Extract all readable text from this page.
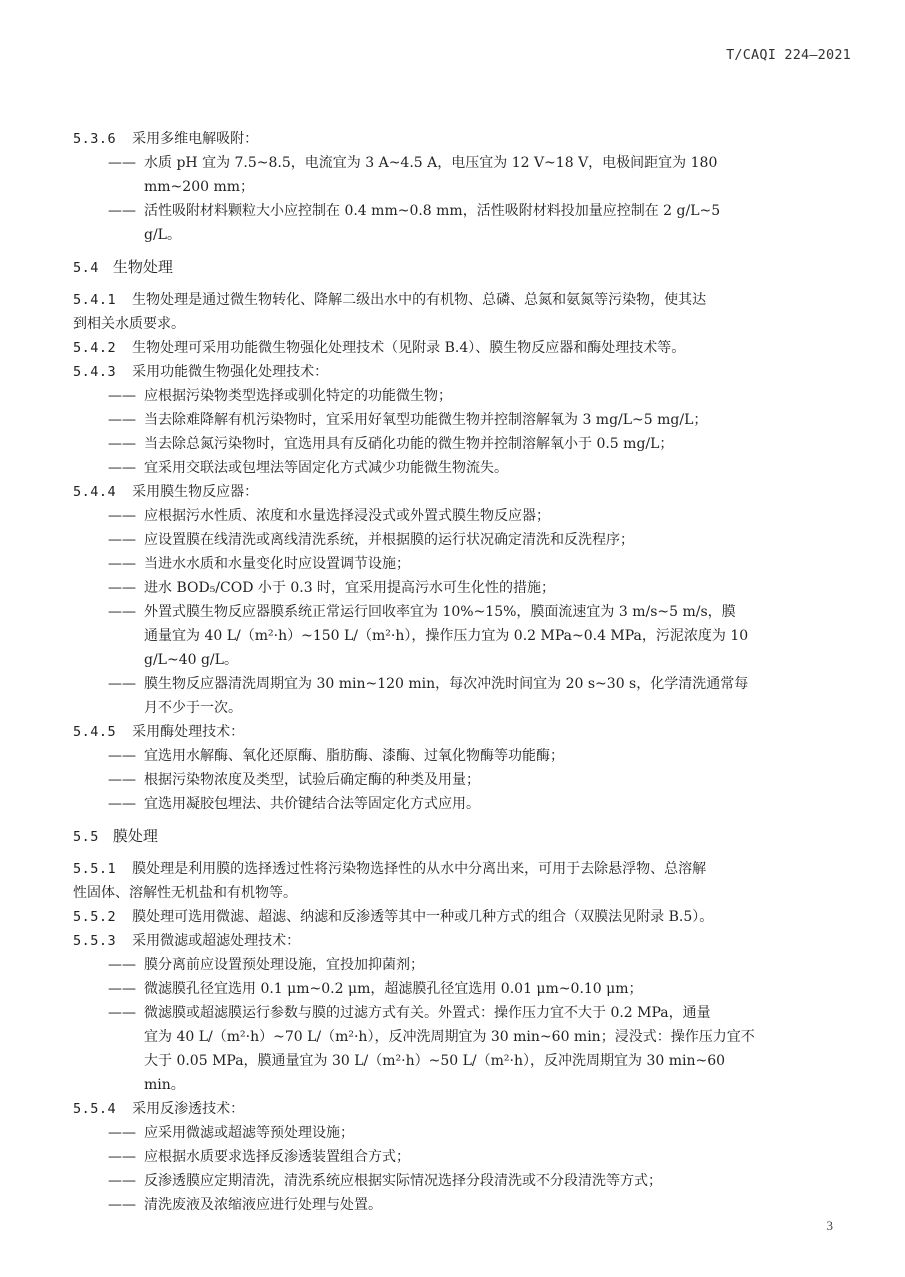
T/CAQI 224—2021
5.3.6 采用多维电解吸附：
—— 水质 pH 宜为 7.5~8.5，电流宜为 3 A~4.5 A，电压宜为 12 V~18 V，电极间距宜为 180
mm~200 mm；
—— 活性吸附材料颗粒大小应控制在 0.4 mm~0.8 mm，活性吸附材料投加量应控制在 2 g/L~5
g/L。
5.4 生物处理
5.4.1 生物处理是通过微生物转化、降解二级出水中的有机物、总磷、总氮和氨氮等污染物，使其达
到相关水质要求。
5.4.2 生物处理可采用功能微生物强化处理技术（见附录 B.4）、膜生物反应器和酶处理技术等。
5.4.3 采用功能微生物强化处理技术：
—— 应根据污染物类型选择或驯化特定的功能微生物；
—— 当去除难降解有机污染物时，宜采用好氧型功能微生物并控制溶解氧为 3 mg/L~5 mg/L；
—— 当去除总氮污染物时，宜选用具有反硝化功能的微生物并控制溶解氧小于 0.5 mg/L；
—— 宜采用交联法或包埋法等固定化方式减少功能微生物流失。
5.4.4 采用膜生物反应器：
—— 应根据污水性质、浓度和水量选择浸没式或外置式膜生物反应器；
—— 应设置膜在线清洗或离线清洗系统，并根据膜的运行状况确定清洗和反洗程序；
—— 当进水水质和水量变化时应设置调节设施；
—— 进水 BOD₅/COD 小于 0.3 时，宜采用提高污水可生化性的措施；
—— 外置式膜生物反应器膜系统正常运行回收率宜为 10%~15%，膜面流速宜为 3 m/s~5 m/s，膜
通量宜为 40 L/（m²·h）~150 L/（m²·h），操作压力宜为 0.2 MPa~0.4 MPa，污泥浓度为 10
g/L~40 g/L。
—— 膜生物反应器清洗周期宜为 30 min~120 min，每次冲洗时间宜为 20 s~30 s，化学清洗通常每
月不少于一次。
5.4.5 采用酶处理技术：
—— 宜选用水解酶、氧化还原酶、脂肪酶、漆酶、过氧化物酶等功能酶；
—— 根据污染物浓度及类型，试验后确定酶的种类及用量；
—— 宜选用凝胶包埋法、共价键结合法等固定化方式应用。
5.5 膜处理
5.5.1 膜处理是利用膜的选择透过性将污染物选择性的从水中分离出来，可用于去除悬浮物、总溶解
性固体、溶解性无机盐和有机物等。
5.5.2 膜处理可选用微滤、超滤、纳滤和反渗透等其中一种或几种方式的组合（双膜法见附录 B.5）。
5.5.3 采用微滤或超滤处理技术：
—— 膜分离前应设置预处理设施，宜投加抑菌剂；
—— 微滤膜孔径宜选用 0.1 μm~0.2 μm，超滤膜孔径宜选用 0.01 μm~0.10 μm；
—— 微滤膜或超滤膜运行参数与膜的过滤方式有关。外置式：操作压力宜不大于 0.2 MPa，通量
宜为 40 L/（m²·h）~70 L/（m²·h），反冲洗周期宜为 30 min~60 min；浸没式：操作压力宜不
大于 0.05 MPa，膜通量宜为 30 L/（m²·h）~50 L/（m²·h），反冲洗周期宜为 30 min~60
min。
5.5.4 采用反渗透技术：
—— 应采用微滤或超滤等预处理设施；
—— 应根据水质要求选择反渗透装置组合方式；
—— 反渗透膜应定期清洗，清洗系统应根据实际情况选择分段清洗或不分段清洗等方式；
—— 清洗废液及浓缩液应进行处理与处置。
3
